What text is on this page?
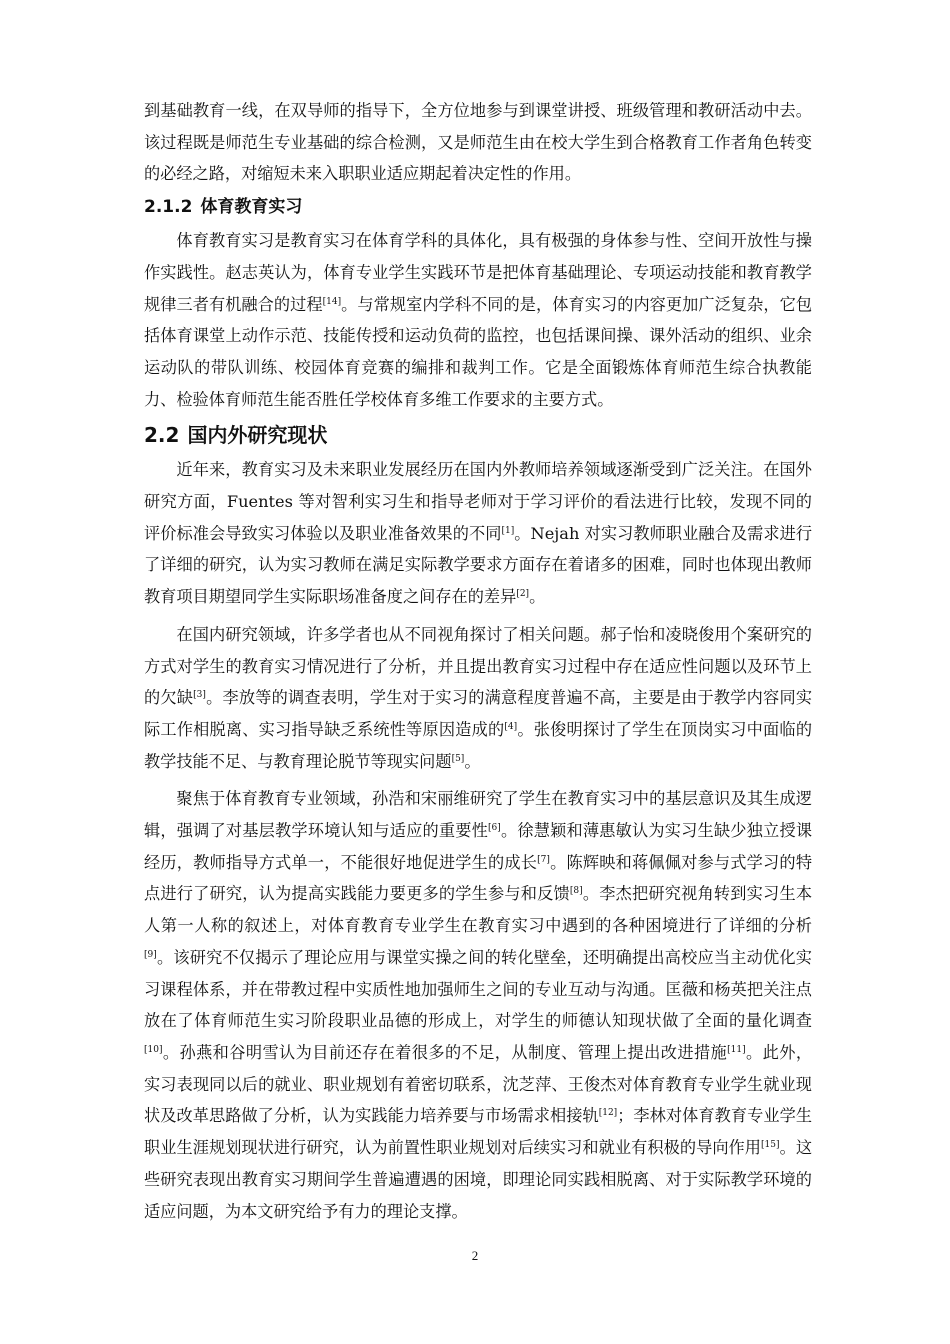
到基础教育一线，在双导师的指导下，全方位地参与到课堂讲授、班级管理和教研活动中去。该过程既是师范生专业基础的综合检测，又是师范生由在校大学生到合格教育工作者角色转变的必经之路，对缩短未来入职职业适应期起着决定性的作用。

2.1.2 体育教育实习

体育教育实习是教育实习在体育学科的具体化，具有极强的身体参与性、空间开放性与操作实践性。赵志英认为，体育专业学生实践环节是把体育基础理论、专项运动技能和教育教学规律三者有机融合的过程[14]。与常规室内学科不同的是，体育实习的内容更加广泛复杂，它包括体育课堂上动作示范、技能传授和运动负荷的监控，也包括课间操、课外活动的组织、业余运动队的带队训练、校园体育竞赛的编排和裁判工作。它是全面锻炼体育师范生综合执教能力、检验体育师范生能否胜任学校体育多维工作要求的主要方式。

2.2 国内外研究现状

近年来，教育实习及未来职业发展经历在国内外教师培养领域逐渐受到广泛关注。在国外研究方面，Fuentes 等对智利实习生和指导老师对于学习评价的看法进行比较，发现不同的评价标准会导致实习体验以及职业准备效果的不同[1]。Nejah 对实习教师职业融合及需求进行了详细的研究，认为实习教师在满足实际教学要求方面存在着诸多的困难，同时也体现出教师教育项目期望同学生实际职场准备度之间存在的差异[2]。

在国内研究领域，许多学者也从不同视角探讨了相关问题。郝子怡和凌晓俊用个案研究的方式对学生的教育实习情况进行了分析，并且提出教育实习过程中存在适应性问题以及环节上的欠缺[3]。李放等的调查表明，学生对于实习的满意程度普遍不高，主要是由于教学内容同实际工作相脱离、实习指导缺乏系统性等原因造成的[4]。张俊明探讨了学生在顶岗实习中面临的教学技能不足、与教育理论脱节等现实问题[5]。

聚焦于体育教育专业领域，孙浩和宋丽维研究了学生在教育实习中的基层意识及其生成逻辑，强调了对基层教学环境认知与适应的重要性[6]。徐慧颖和薄惠敏认为实习生缺少独立授课经历，教师指导方式单一，不能很好地促进学生的成长[7]。陈辉映和蒋佩佩对参与式学习的特点进行了研究，认为提高实践能力要更多的学生参与和反馈[8]。李杰把研究视角转到实习生本人第一人称的叙述上，对体育教育专业学生在教育实习中遇到的各种困境进行了详细的分析[9]。该研究不仅揭示了理论应用与课堂实操之间的转化壁垒，还明确提出高校应当主动优化实习课程体系，并在带教过程中实质性地加强师生之间的专业互动与沟通。匡薇和杨英把关注点放在了体育师范生实习阶段职业品德的形成上，对学生的师德认知现状做了全面的量化调查[10]。孙燕和谷明雪认为目前还存在着很多的不足，从制度、管理上提出改进措施[11]。此外，实习表现同以后的就业、职业规划有着密切联系，沈芝萍、王俊杰对体育教育专业学生就业现状及改革思路做了分析，认为实践能力培养要与市场需求相接轨[12]；李林对体育教育专业学生职业生涯规划现状进行研究，认为前置性职业规划对后续实习和就业有积极的导向作用[15]。这些研究表现出教育实习期间学生普遍遭遇的困境，即理论同实践相脱离、对于实际教学环境的适应问题，为本文研究给予有力的理论支撑。

2
